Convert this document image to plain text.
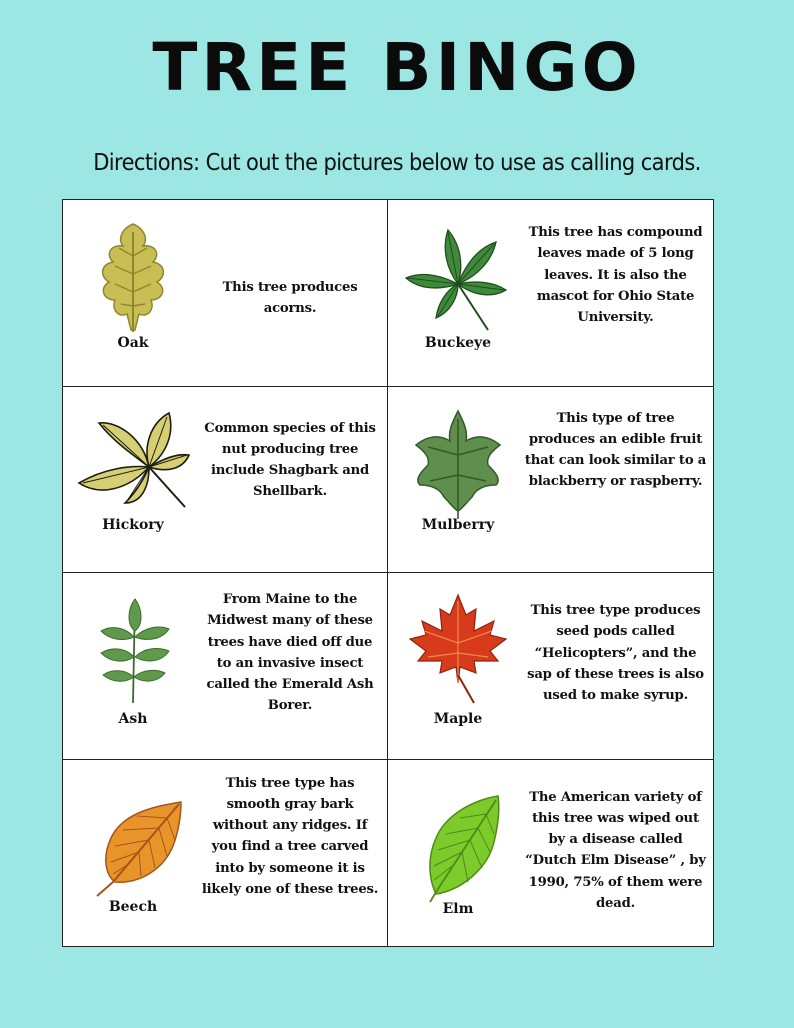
TREE BINGO
Directions: Cut out the pictures below to use as calling cards.
Oak
This tree produces acorns.
Buckeye
This tree has compound leaves made of 5 long leaves. It is also the mascot for Ohio State University.
Hickory
Common species of this nut producing tree include Shagbark and Shellbark.
Mulberry
This type of tree produces an edible fruit that can look similar to a blackberry or raspberry.
Ash
From Maine to the Midwest many of these trees have died off due to an invasive insect called the Emerald Ash Borer.
Maple
This tree type produces seed pods called “Helicopters”, and the sap of these trees is also used to make syrup.
Beech
This tree type has smooth gray bark without any ridges. If you find a tree carved into by someone it is likely one of these trees.
Elm
The American variety of this tree was wiped out by a disease called “Dutch Elm Disease” , by 1990, 75% of them were dead.
